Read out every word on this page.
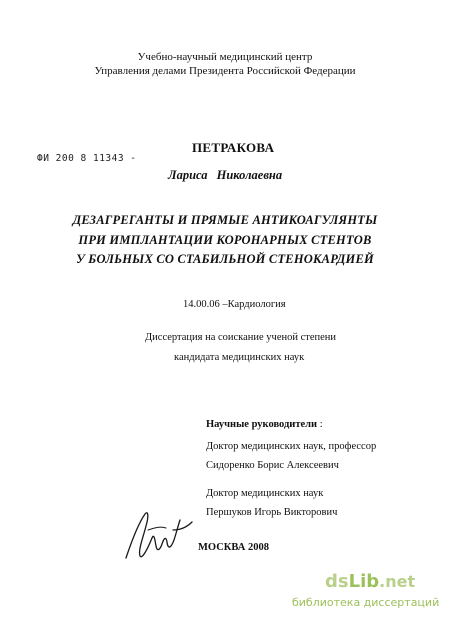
Учебно-научный медицинский центр
Управления делами Президента Российской Федерации
ФИ 200 8 11343 -
ПЕТРАКОВА
Лариса Николаевна
ДЕЗАГРЕГАНТЫ И ПРЯМЫЕ АНТИКОАГУЛЯНТЫ
ПРИ ИМПЛАНТАЦИИ КОРОНАРНЫХ СТЕНТОВ
У БОЛЬНЫХ СО СТАБИЛЬНОЙ СТЕНОКАРДИЕЙ
14.00.06 –Кардиология
Диссертация на соискание ученой степени
кандидата медицинских наук
Научные руководители :
Доктор медицинских наук, профессор
Сидоренко Борис Алексеевич
Доктор медицинских наук
Першуков Игорь Викторович
МОСКВА 2008
dsLib.net
библиотека диссертаций
